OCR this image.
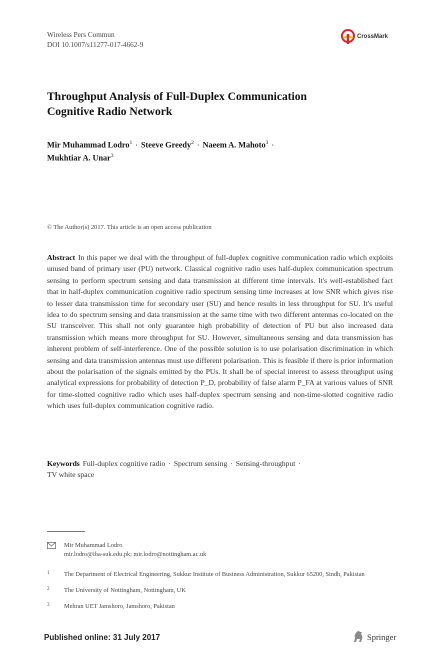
Wireless Pers Commun
DOI 10.1007/s11277-017-4662-9
CrossMark
Throughput Analysis of Full-Duplex Communication
Cognitive Radio Network
Mir Muhammad Lodro$^1$ · Steeve Greedy$^2$ · Naeem A. Mahoto$^3$ ·
Mukhtiar A. Unar$^3$
© The Author(s) 2017. This article is an open access publication
Abstract In this paper we deal with the throughput of full-duplex cognitive communication radio which exploits unused band of primary user (PU) network. Classical cognitive radio uses half-duplex communication spectrum sensing to perform spectrum sensing and data transmission at different time intervals. It's well-established fact that in half-duplex communication cognitive radio spectrum sensing time increases at low SNR which gives rise to lesser data transmission time for secondary user (SU) and hence results in less throughput for SU. It's useful idea to do spectrum sensing and data transmission at the same time with two different antennas co-located on the SU transceiver. This shall not only guarantee high probability of detection of PU but also increased data transmission which means more throughput for SU. However, simultaneous sensing and data transmission has inherent problem of self-interference. One of the possible solution is to use polarisation discrimination in which sensing and data transmission antennas must use different polarisation. This is feasible if there is prior information about the polarisation of the signals emitted by the PUs. It shall be of special interest to assess throughput using analytical expressions for probability of detection P_D, probability of false alarm P_FA at various values of SNR for time-slotted cognitive radio which uses half-duplex spectrum sensing and non-time-slotted cognitive radio which uses full-duplex communication cognitive radio.
Keywords Full-duplex cognitive radio · Spectrum sensing · Sensing-throughput ·
TV white space
Mir Muhammad Lodro
mir.lodro@iba-suk.edu.pk; mir.lodro@nottingham.ac.uk
1	The Department of Electrical Engineering, Sukkur Institute of Business Administration, Sukkur 65200, Sindh, Pakistan
2	The University of Nottingham, Nottingham, UK
3	Mehran UET Jamshoro, Jamshoro, Pakistan
Published online: 31 July 2017	Springer
